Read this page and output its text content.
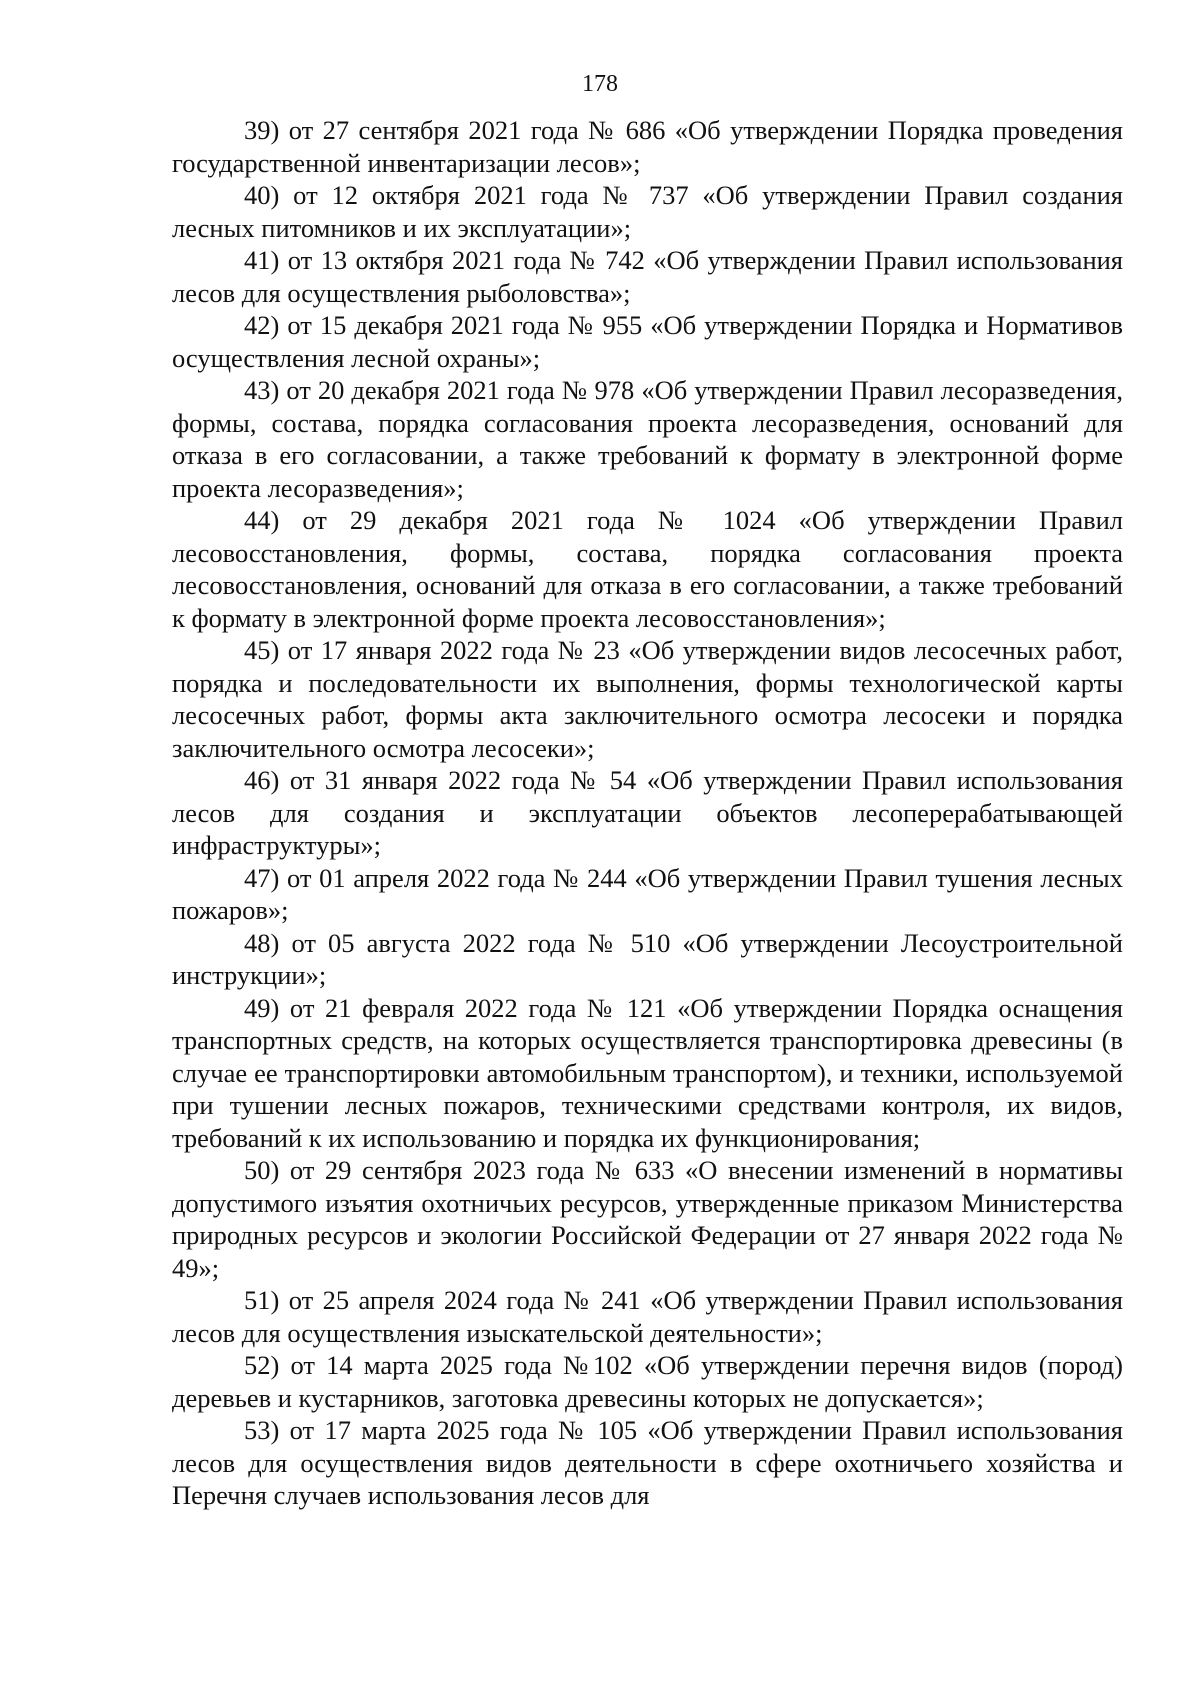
178

39) от 27 сентября 2021 года № 686 «Об утверждении Порядка проведения государственной инвентаризации лесов»;

40) от 12 октября 2021 года № 737 «Об утверждении Правил создания лесных питомников и их эксплуатации»;

41) от 13 октября 2021 года № 742 «Об утверждении Правил использования лесов для осуществления рыболовства»;

42) от 15 декабря 2021 года № 955 «Об утверждении Порядка и Нормативов осуществления лесной охраны»;

43) от 20 декабря 2021 года № 978 «Об утверждении Правил лесоразведения, формы, состава, порядка согласования проекта лесоразведения, оснований для отказа в его согласовании, а также требований к формату в электронной форме проекта лесоразведения»;

44) от 29 декабря 2021 года № 1024 «Об утверждении Правил лесовосстановления, формы, состава, порядка согласования проекта лесовосстановления, оснований для отказа в его согласовании, а также требований к формату в электронной форме проекта лесовосстановления»;

45) от 17 января 2022 года № 23 «Об утверждении видов лесосечных работ, порядка и последовательности их выполнения, формы технологической карты лесосечных работ, формы акта заключительного осмотра лесосеки и порядка заключительного осмотра лесосеки»;

46) от 31 января 2022 года № 54 «Об утверждении Правил использования лесов для создания и эксплуатации объектов лесоперерабатывающей инфраструктуры»;

47) от 01 апреля 2022 года № 244 «Об утверждении Правил тушения лесных пожаров»;

48) от 05 августа 2022 года № 510 «Об утверждении Лесоустроительной инструкции»;

49) от 21 февраля 2022 года № 121 «Об утверждении Порядка оснащения транспортных средств, на которых осуществляется транспортировка древесины (в случае ее транспортировки автомобильным транспортом), и техники, используемой при тушении лесных пожаров, техническими средствами контроля, их видов, требований к их использованию и порядка их функционирования;

50) от 29 сентября 2023 года № 633 «О внесении изменений в нормативы допустимого изъятия охотничьих ресурсов, утвержденные приказом Министерства природных ресурсов и экологии Российской Федерации от 27 января 2022 года № 49»;

51) от 25 апреля 2024 года № 241 «Об утверждении Правил использования лесов для осуществления изыскательской деятельности»;

52) от 14 марта 2025 года №102 «Об утверждении перечня видов (пород) деревьев и кустарников, заготовка древесины которых не допускается»;

53) от 17 марта 2025 года № 105 «Об утверждении Правил использования лесов для осуществления видов деятельности в сфере охотничьего хозяйства и Перечня случаев использования лесов для
